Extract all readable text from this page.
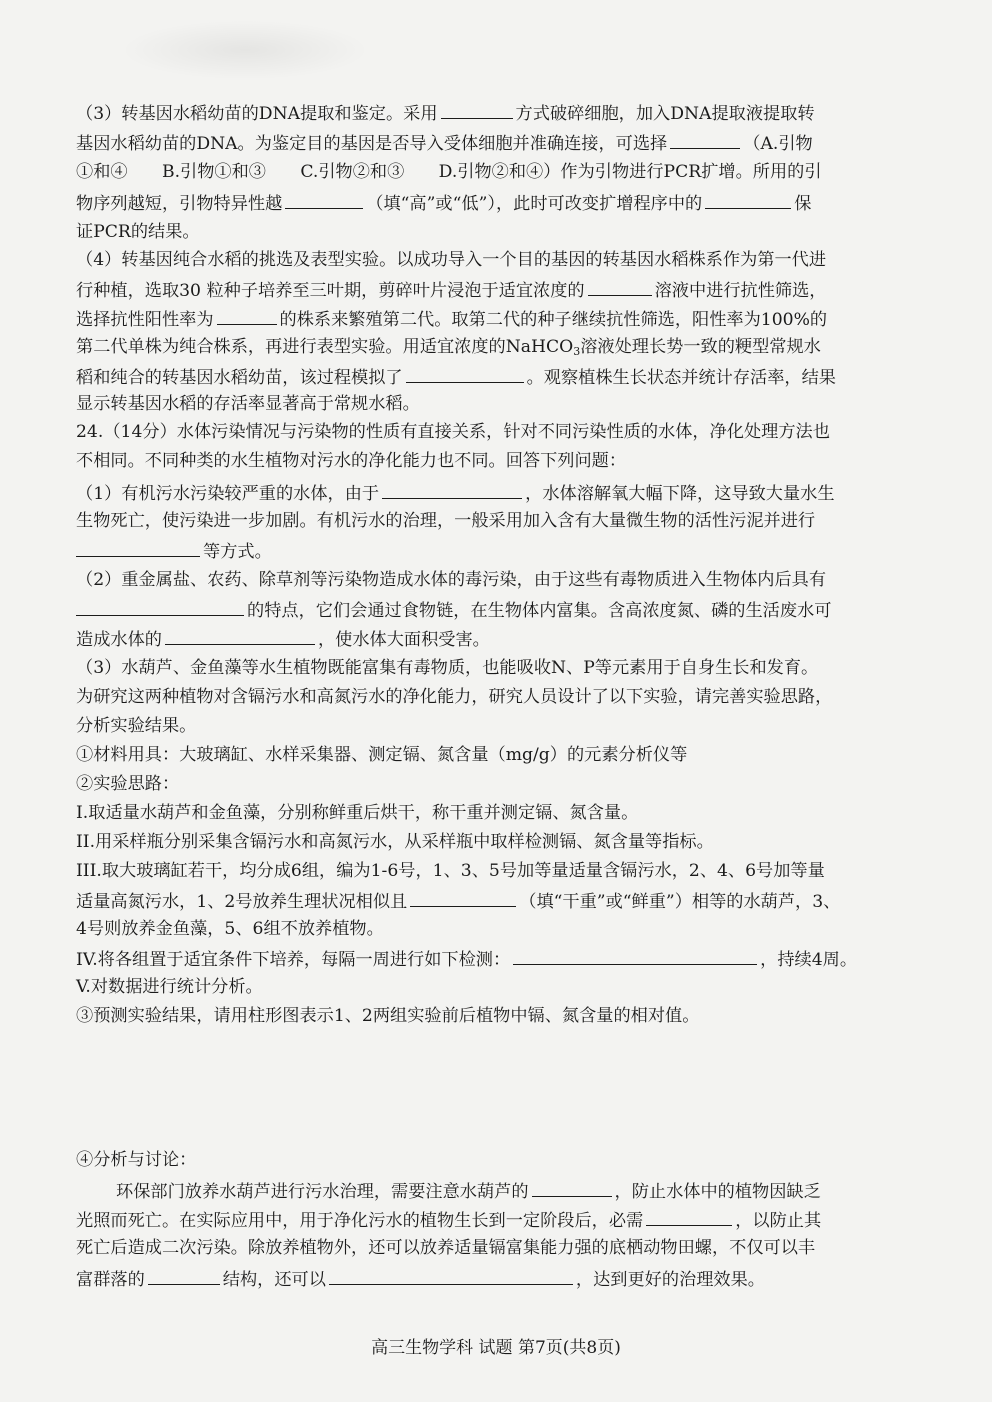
（3）转基因水稻幼苗的DNA提取和鉴定。采用	方式破碎细胞，加入DNA提取液提取转
基因水稻幼苗的DNA。为鉴定目的基因是否导入受体细胞并准确连接，可选择	（A.引物
①和④　　B.引物①和③　　C.引物②和③　　D.引物②和④）作为引物进行PCR扩增。所用的引
物序列越短，引物特异性越	（填“高”或“低”），此时可改变扩增程序中的	保
证PCR的结果。
（4）转基因纯合水稻的挑选及表型实验。以成功导入一个目的基因的转基因水稻株系作为第一代进
行种植，选取30 粒种子培养至三叶期，剪碎叶片浸泡于适宜浓度的	溶液中进行抗性筛选，
选择抗性阳性率为	的株系来繁殖第二代。取第二代的种子继续抗性筛选，阳性率为100%的
第二代单株为纯合株系，再进行表型实验。用适宜浓度的NaHCO$_3$溶液处理长势一致的粳型常规水
稻和纯合的转基因水稻幼苗，该过程模拟了	。观察植株生长状态并统计存活率，结果
显示转基因水稻的存活率显著高于常规水稻。
24.（14分）水体污染情况与污染物的性质有直接关系，针对不同污染性质的水体，净化处理方法也
不相同。不同种类的水生植物对污水的净化能力也不同。回答下列问题：
（1）有机污水污染较严重的水体，由于	，水体溶解氧大幅下降，这导致大量水生
生物死亡，使污染进一步加剧。有机污水的治理，一般采用加入含有大量微生物的活性污泥并进行
等方式。
（2）重金属盐、农药、除草剂等污染物造成水体的毒污染，由于这些有毒物质进入生物体内后具有
的特点，它们会通过食物链，在生物体内富集。含高浓度氮、磷的生活废水可
造成水体的	，使水体大面积受害。
（3）水葫芦、金鱼藻等水生植物既能富集有毒物质，也能吸收N、P等元素用于自身生长和发育。
为研究这两种植物对含镉污水和高氮污水的净化能力，研究人员设计了以下实验，请完善实验思路，
分析实验结果。
①材料用具：大玻璃缸、水样采集器、测定镉、氮含量（mg/g）的元素分析仪等
②实验思路：
I.取适量水葫芦和金鱼藻，分别称鲜重后烘干，称干重并测定镉、氮含量。
II.用采样瓶分别采集含镉污水和高氮污水，从采样瓶中取样检测镉、氮含量等指标。
III.取大玻璃缸若干，均分成6组，编为1-6号，1、3、5号加等量适量含镉污水，2、4、6号加等量
适量高氮污水，1、2号放养生理状况相似且	（填“干重”或“鲜重”）相等的水葫芦，3、
4号则放养金鱼藻，5、6组不放养植物。
IV.将各组置于适宜条件下培养，每隔一周进行如下检测：	，持续4周。
V.对数据进行统计分析。
③预测实验结果，请用柱形图表示1、2两组实验前后植物中镉、氮含量的相对值。
④分析与讨论：
环保部门放养水葫芦进行污水治理，需要注意水葫芦的	，防止水体中的植物因缺乏
光照而死亡。在实际应用中，用于净化污水的植物生长到一定阶段后，必需	，以防止其
死亡后造成二次污染。除放养植物外，还可以放养适量镉富集能力强的底栖动物田螺，不仅可以丰
富群落的	结构，还可以	，达到更好的治理效果。
高三生物学科 试题 第7页(共8页)
